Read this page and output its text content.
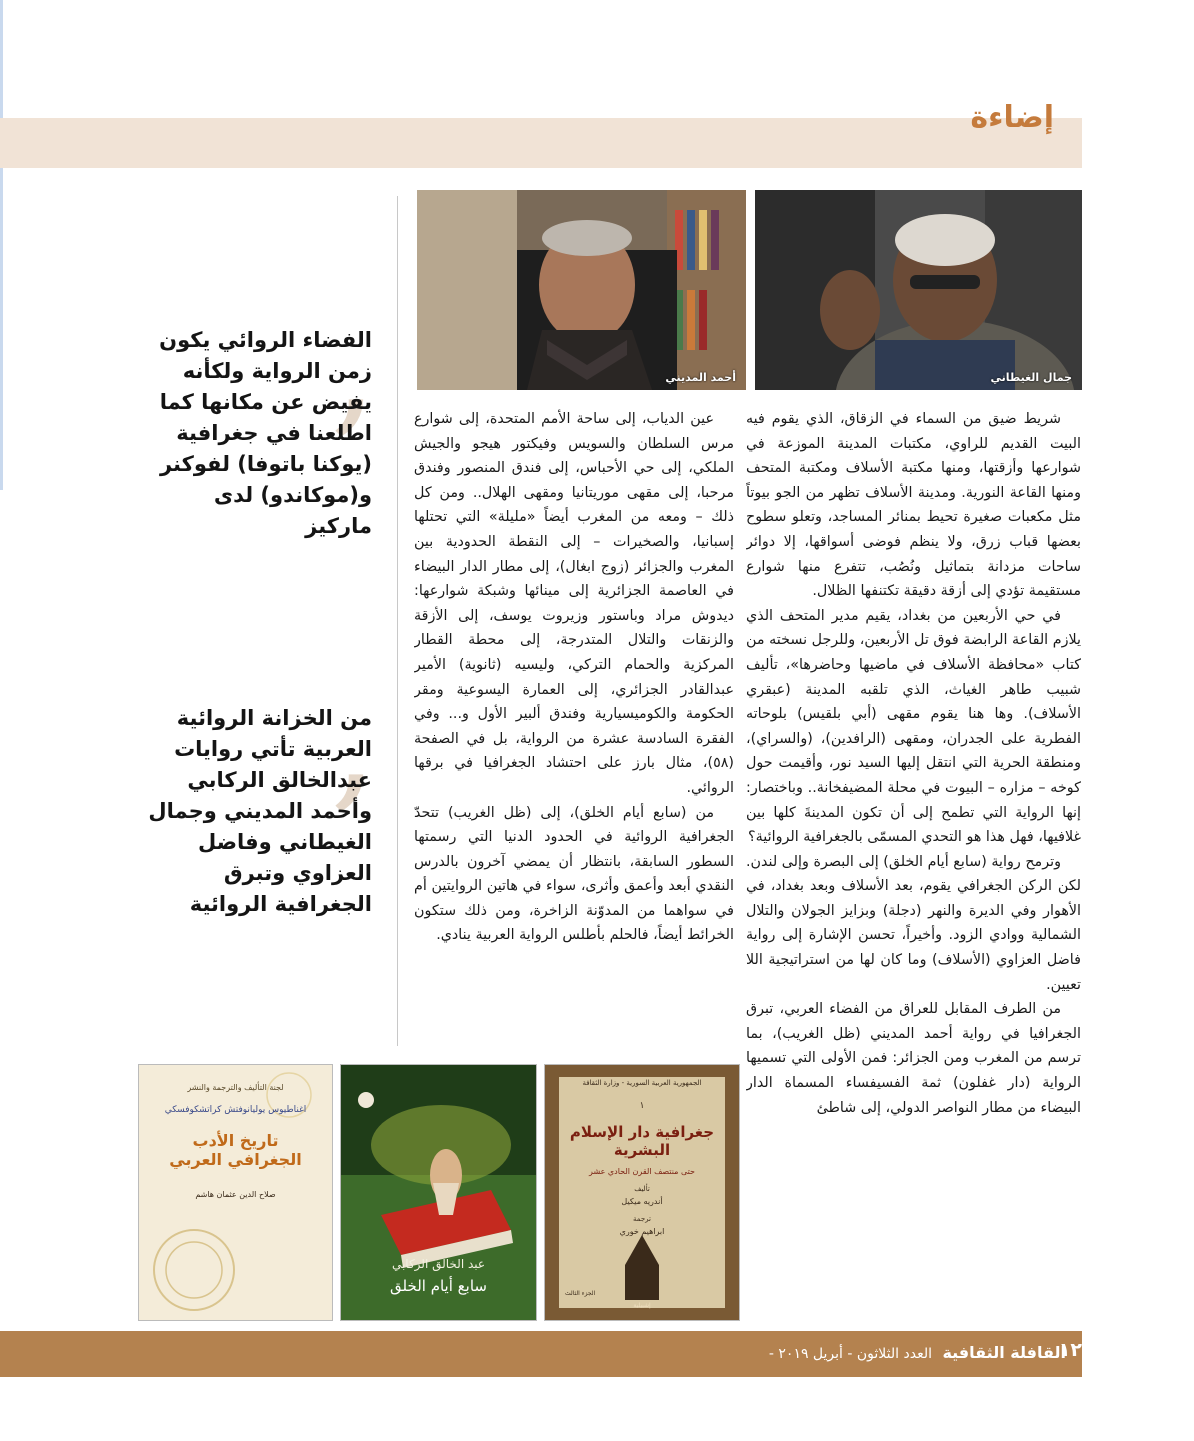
إضاءة
جمال الغيطاني
أحمد المديني

شريط ضيق من السماء في الزقاق، الذي يقوم فيه البيت القديم للراوي، مكتبات المدينة الموزعة في شوارعها وأزقتها، ومنها مكتبة الأسلاف ومكتبة المتحف ومنها القاعة النورية. ومدينة الأسلاف تظهر من الجو بيوتاً مثل مكعبات صغيرة تحيط بمنائر المساجد، وتعلو سطوح بعضها قباب زرق، ولا ينظم فوضى أسواقها، إلا دوائر ساحات مزدانة بتماثيل ونُصُب، تتفرع منها شوارع مستقيمة تؤدي إلى أزقة دقيقة تكتنفها الظلال.

في حي الأربعين من بغداد، يقيم مدير المتحف الذي يلازم القاعة الرابضة فوق تل الأربعين، وللرجل نسخته من كتاب «محافظة الأسلاف في ماضيها وحاضرها»، تأليف شبيب طاهر الغياث، الذي تلقبه المدينة (عبقري الأسلاف). وها هنا يقوم مقهى (أبي بلقيس) بلوحاته الفطرية على الجدران، ومقهى (الرافدين)، (والسراي)، ومنطقة الحرية التي انتقل إليها السيد نور، وأقيمت حول كوخه – مزاره – البيوت في محلة المضيفخانة.. وباختصار: إنها الرواية التي تطمح إلى أن تكون المدينةَ كلها بين غلافيها، فهل هذا هو التحدي المسمّى بالجغرافية الروائية؟

وترمح رواية (سابع أيام الخلق) إلى البصرة وإلى لندن. لكن الركن الجغرافي يقوم، بعد الأسلاف وبعد بغداد، في الأهوار وفي الديرة والنهر (دجلة) وبزايز الجولان والتلال الشمالية ووادي الزود. وأخيراً، تحسن الإشارة إلى رواية فاضل العزاوي (الأسلاف) وما كان لها من استراتيجية اللا تعيين.

من الطرف المقابل للعراق من الفضاء العربي، تبرق الجغرافيا في رواية أحمد المديني (ظل الغريب)، بما ترسم من المغرب ومن الجزائر: فمن الأولى التي تسميها الرواية (دار غفلون) ثمة الفسيفساء المسماة الدار البيضاء من مطار النواصر الدولي، إلى شاطئ

عين الدياب، إلى ساحة الأمم المتحدة، إلى شوارع مرس السلطان والسويس وفيكتور هيجو والجيش الملكي، إلى حي الأحباس، إلى فندق المنصور وفندق مرحبا، إلى مقهى موريتانيا ومقهى الهلال.. ومن كل ذلك – ومعه من المغرب أيضاً «مليلة» التي تحتلها إسبانيا، والصخيرات – إلى النقطة الحدودية بين المغرب والجزائر (زوج ابغال)، إلى مطار الدار البيضاء في العاصمة الجزائرية إلى مينائها وشبكة شوارعها: ديدوش مراد وباستور وزيروت يوسف، إلى الأزقة والزنقات والتلال المتدرجة، إلى محطة القطار المركزية والحمام التركي، وليسيه (ثانوية) الأمير عبدالقادر الجزائري، إلى العمارة اليسوعية ومقر الحكومة والكوميسيارية وفندق ألبير الأول و... وفي الفقرة السادسة عشرة من الرواية، بل في الصفحة (٥٨)، مثال بارز على احتشاد الجغرافيا في برقها الروائي.

من (سابع أيام الخلق)، إلى (ظل الغريب) تتحدّ الجغرافية الروائية في الحدود الدنيا التي رسمتها السطور السابقة، بانتظار أن يمضي آخرون بالدرس النقدي أبعد وأعمق وأثرى، سواء في هاتين الروايتين أم في سواهما من المدوّنة الزاخرة، ومن ذلك ستكون الخرائط أيضاً، فالحلم بأطلس الرواية العربية ينادي.

,
الفضاء الروائي يكون زمن الرواية ولكأنه يفيض عن مكانها كما اطلعنا في جغرافية (يوكنا باتوفا) لفوكنر و(موكاندو) لدى ماركيز
,
من الخزانة الروائية العربية تأتي روايات عبدالخالق الركابي وأحمد المديني وجمال الغيطاني وفاضل العزاوي وتبرق الجغرافية الروائية
الجمهورية العربية السورية - وزارة الثقافة
١
جغرافية دار الإسلام البشرية
حتى منتصف القرن الحادي عشر
تأليف
أندريه ميكيل
ترجمة
ابراهيم خوري
إشبيلية
الجزء الثالث
عبد الخالق الركابي
سابع أيام الخلق
لجنة التأليف والترجمة والنشر
اغناطيوس يوليانوفتش كراتشكوفسكي
تاريخ الأدب الجغرافي العربي
صلاح الدين عثمان هاشم
القافلة الثقافية العدد الثلاثون - أبريل ٢٠١٩ -	١٢
